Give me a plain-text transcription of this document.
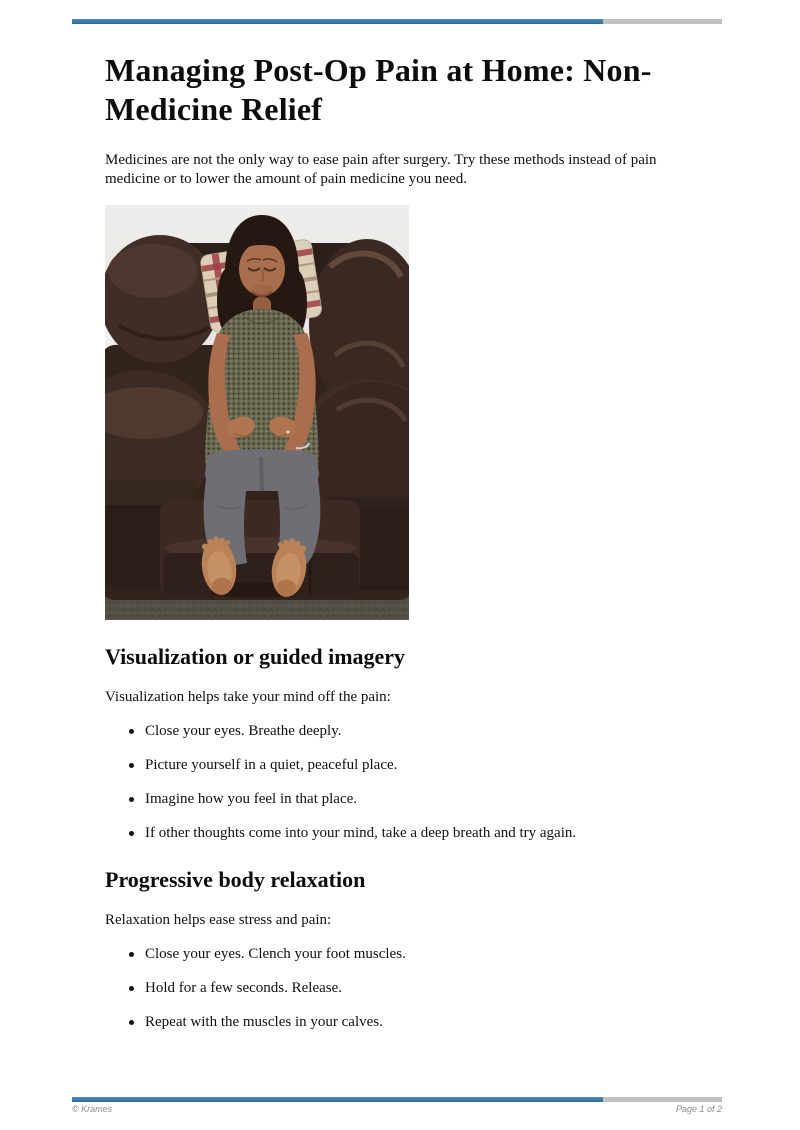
Managing Post-Op Pain at Home: Non-Medicine Relief

Medicines are not the only way to ease pain after surgery. Try these methods instead of pain medicine or to lower the amount of pain medicine you need.

Visualization or guided imagery

Visualization helps take your mind off the pain:

Close your eyes. Breathe deeply.
Picture yourself in a quiet, peaceful place.
Imagine how you feel in that place.
If other thoughts come into your mind, take a deep breath and try again.
Progressive body relaxation

Relaxation helps ease stress and pain:

Close your eyes. Clench your foot muscles.
Hold for a few seconds. Release.
Repeat with the muscles in your calves.
© Krames	Page 1 of 2
